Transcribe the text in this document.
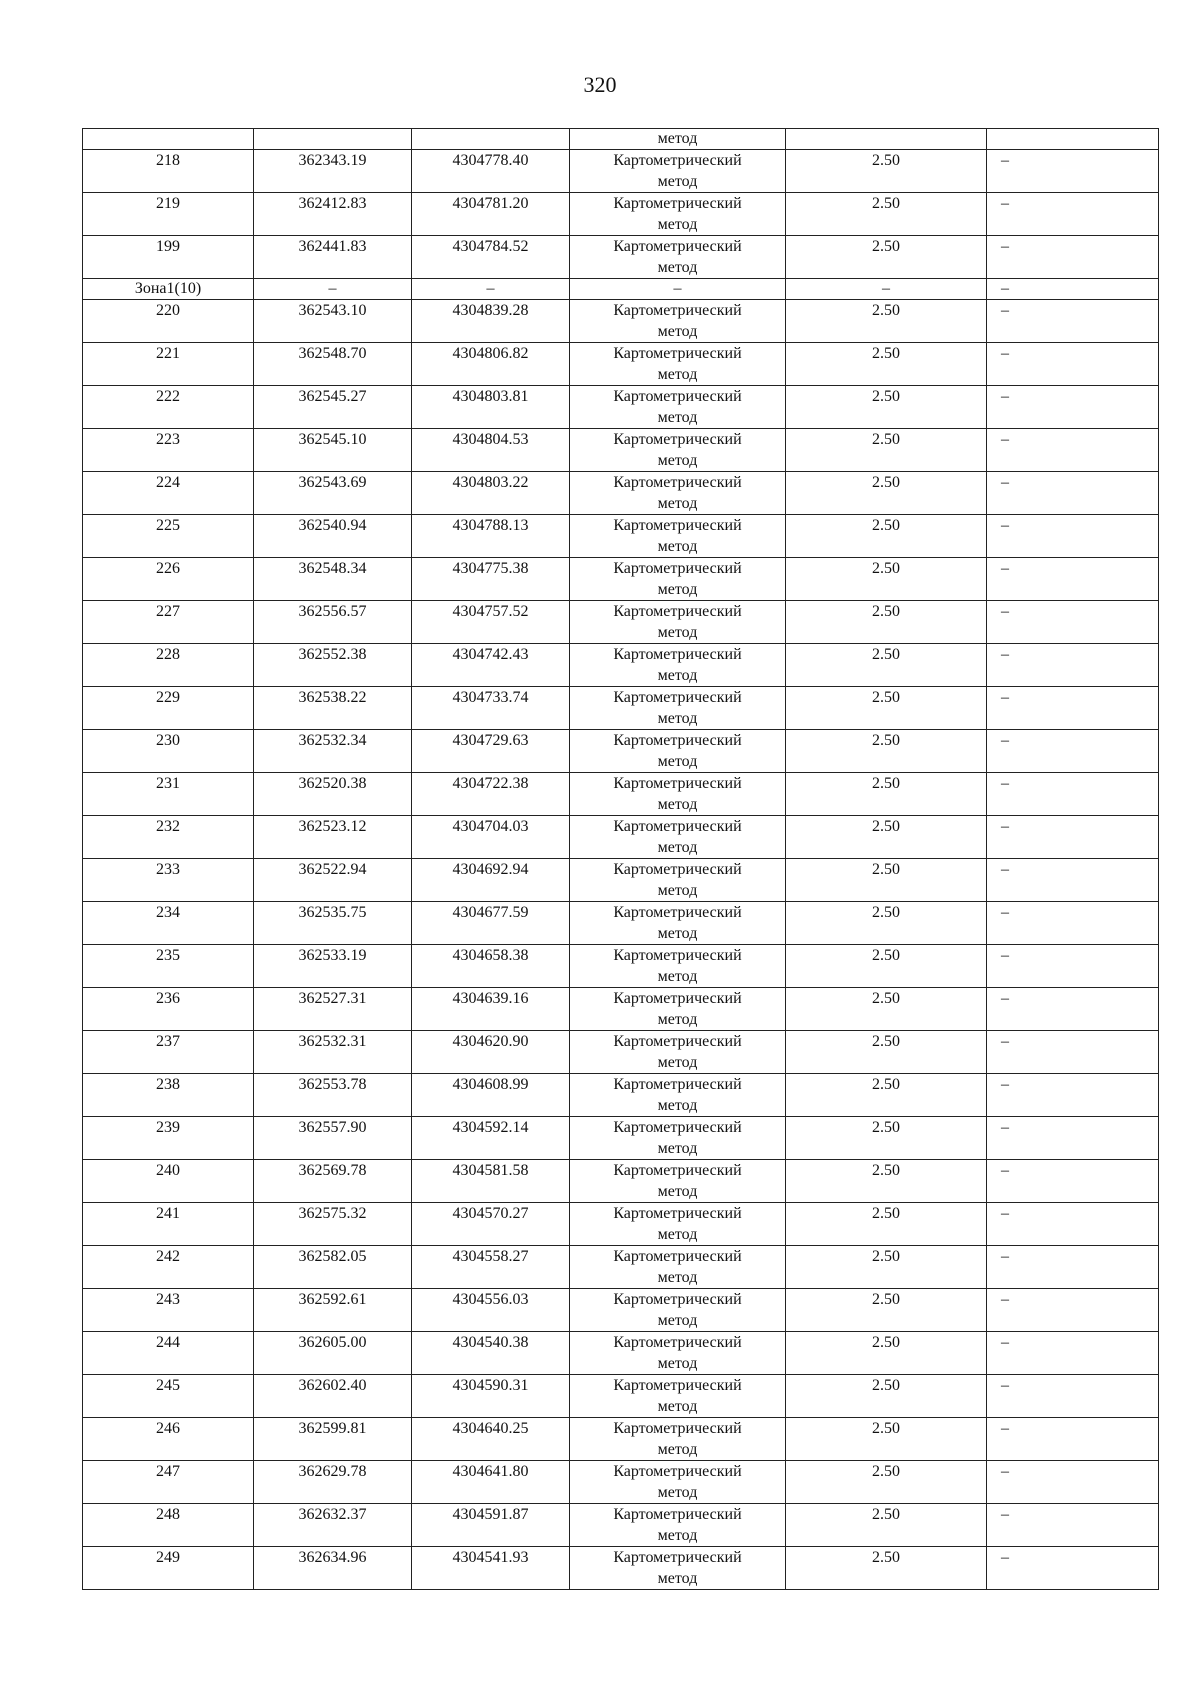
320
			метод		
218	362343.19	4304778.40	Картометрический
метод	2.50	–
219	362412.83	4304781.20	Картометрический
метод	2.50	–
199	362441.83	4304784.52	Картометрический
метод	2.50	–
Зона1(10)	–	–	–	–	–
220	362543.10	4304839.28	Картометрический
метод	2.50	–
221	362548.70	4304806.82	Картометрический
метод	2.50	–
222	362545.27	4304803.81	Картометрический
метод	2.50	–
223	362545.10	4304804.53	Картометрический
метод	2.50	–
224	362543.69	4304803.22	Картометрический
метод	2.50	–
225	362540.94	4304788.13	Картометрический
метод	2.50	–
226	362548.34	4304775.38	Картометрический
метод	2.50	–
227	362556.57	4304757.52	Картометрический
метод	2.50	–
228	362552.38	4304742.43	Картометрический
метод	2.50	–
229	362538.22	4304733.74	Картометрический
метод	2.50	–
230	362532.34	4304729.63	Картометрический
метод	2.50	–
231	362520.38	4304722.38	Картометрический
метод	2.50	–
232	362523.12	4304704.03	Картометрический
метод	2.50	–
233	362522.94	4304692.94	Картометрический
метод	2.50	–
234	362535.75	4304677.59	Картометрический
метод	2.50	–
235	362533.19	4304658.38	Картометрический
метод	2.50	–
236	362527.31	4304639.16	Картометрический
метод	2.50	–
237	362532.31	4304620.90	Картометрический
метод	2.50	–
238	362553.78	4304608.99	Картометрический
метод	2.50	–
239	362557.90	4304592.14	Картометрический
метод	2.50	–
240	362569.78	4304581.58	Картометрический
метод	2.50	–
241	362575.32	4304570.27	Картометрический
метод	2.50	–
242	362582.05	4304558.27	Картометрический
метод	2.50	–
243	362592.61	4304556.03	Картометрический
метод	2.50	–
244	362605.00	4304540.38	Картометрический
метод	2.50	–
245	362602.40	4304590.31	Картометрический
метод	2.50	–
246	362599.81	4304640.25	Картометрический
метод	2.50	–
247	362629.78	4304641.80	Картометрический
метод	2.50	–
248	362632.37	4304591.87	Картометрический
метод	2.50	–
249	362634.96	4304541.93	Картометрический
метод	2.50	–
